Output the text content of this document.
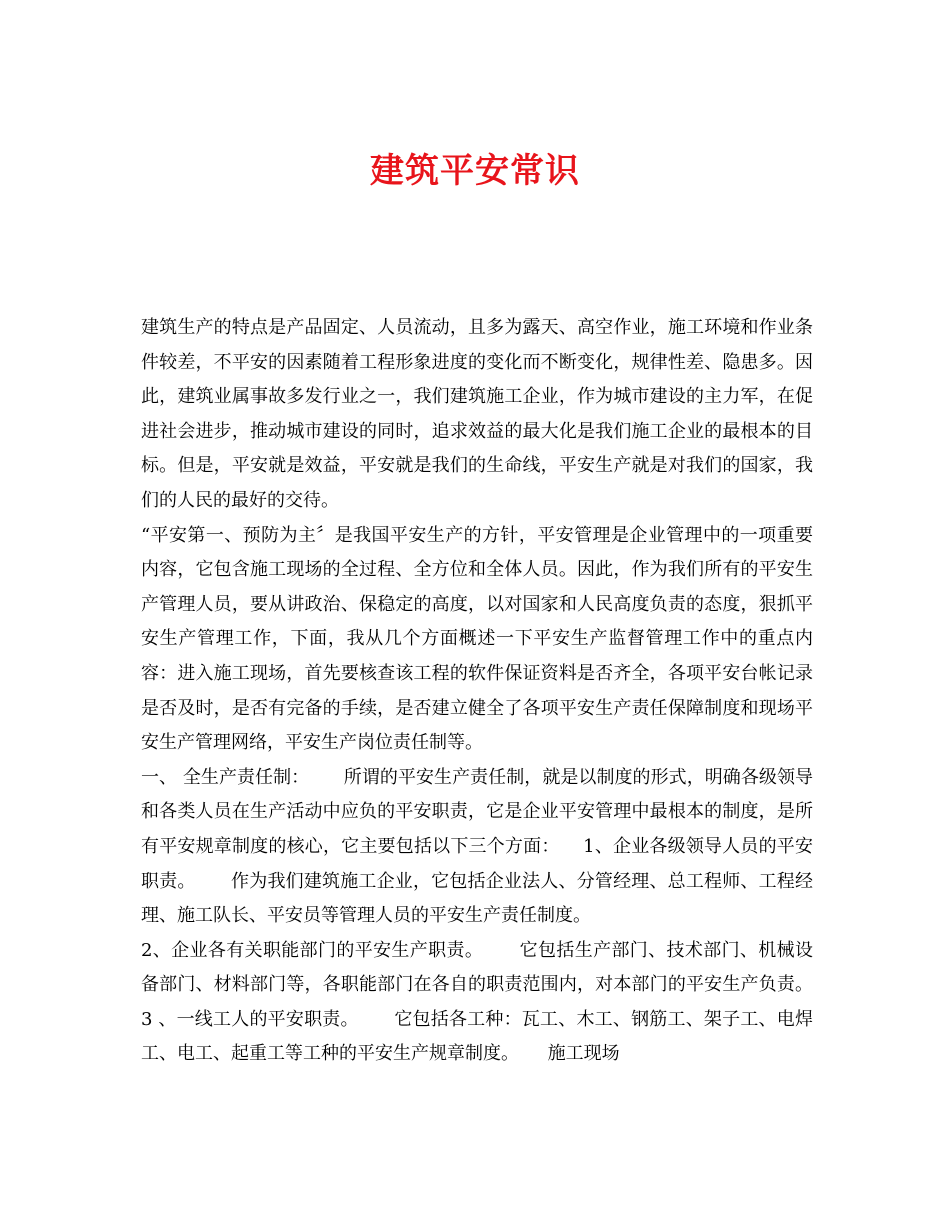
建筑平安常识

建筑生产的特点是产品固定、人员流动，且多为露天、高空作业，施工环境和作业条件较差，不平安的因素随着工程形象进度的变化而不断变化，规律性差、隐患多。因此，建筑业属事故多发行业之一，我们建筑施工企业，作为城市建设的主力军，在促进社会进步，推动城市建设的同时，追求效益的最大化是我们施工企业的最根本的目标。但是，平安就是效益，平安就是我们的生命线，平安生产就是对我们的国家，我们的人民的最好的交待。

“平安第一、预防为主〞是我国平安生产的方针，平安管理是企业管理中的一项重要内容，它包含施工现场的全过程、全方位和全体人员。因此，作为我们所有的平安生产管理人员，要从讲政治、保稳定的高度，以对国家和人民高度负责的态度，狠抓平安生产管理工作，下面，我从几个方面概述一下平安生产监督管理工作中的重点内容：进入施工现场，首先要核查该工程的软件保证资料是否齐全，各项平安台帐记录是否及时，是否有完备的手续，是否建立健全了各项平安生产责任保障制度和现场平安生产管理网络，平安生产岗位责任制等。

一、 全生产责任制：      所谓的平安生产责任制，就是以制度的形式，明确各级领导和各类人员在生产活动中应负的平安职责，它是企业平安管理中最根本的制度，是所有平安规章制度的核心，它主要包括以下三个方面：    1、企业各级领导人员的平安职责。      作为我们建筑施工企业，它包括企业法人、分管经理、总工程师、工程经理、施工队长、平安员等管理人员的平安生产责任制度。

2、企业各有关职能部门的平安生产职责。      它包括生产部门、技术部门、机械设备部门、材料部门等，各职能部门在各自的职责范围内，对本部门的平安生产负责。    3 、一线工人的平安职责。      它包括各工种：瓦工、木工、钢筋工、架子工、电焊工、电工、起重工等工种的平安生产规章制度。     施工现场
